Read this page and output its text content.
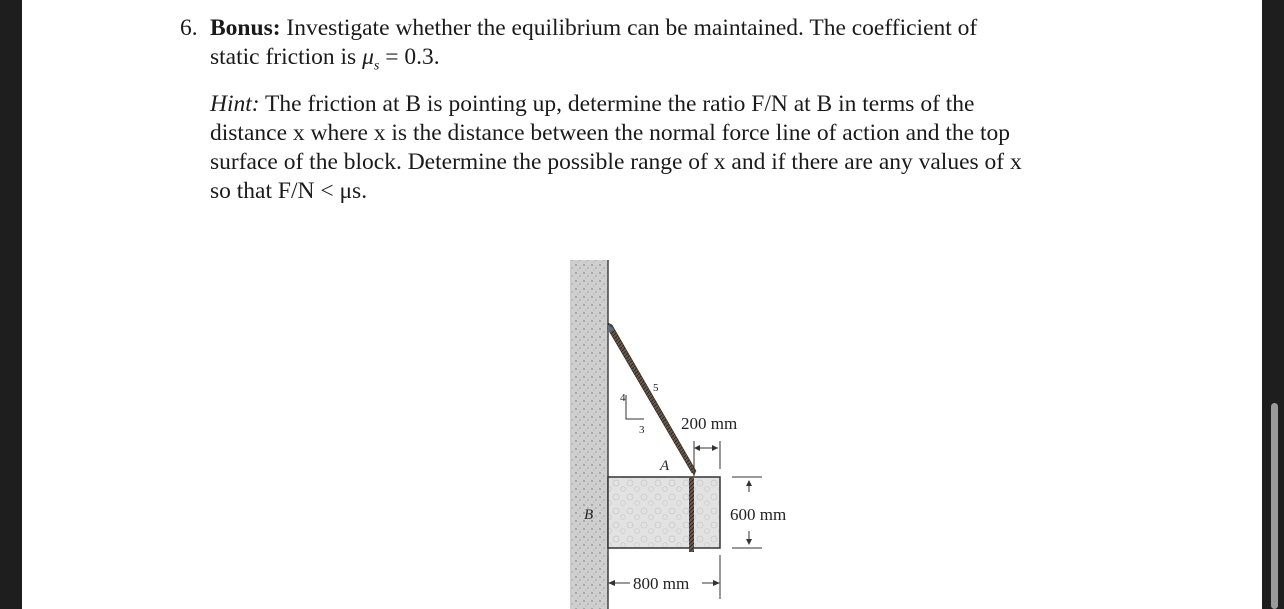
6. Bonus: Investigate whether the equilibrium can be maintained. The coefficient of
static friction is $\mu_s = 0.3$.
Hint: The friction at B is pointing up, determine the ratio F/N at B in terms of the
distance x where x is the distance between the normal force line of action and the top
surface of the block. Determine the possible range of x and if there are any values of x
so that F/N < μs.
5
4
3
A
B
200 mm
600 mm
800 mm
